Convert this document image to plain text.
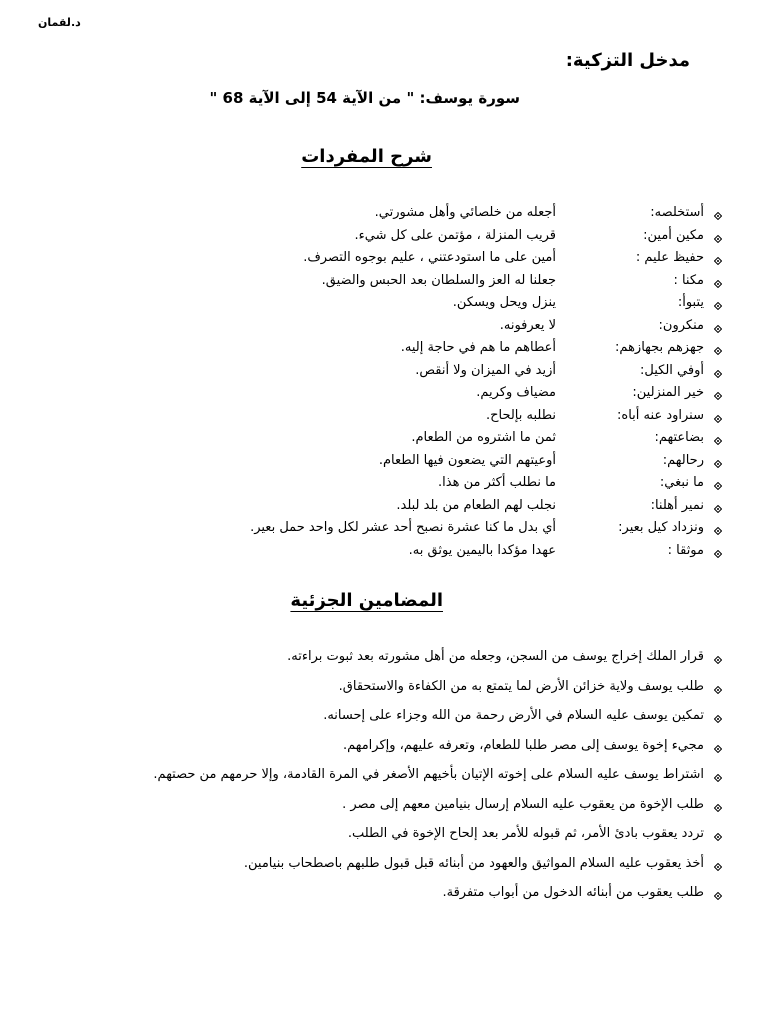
د.لقمان
مدخل التزكية:
سورة يوسف: " من الآية 54 إلى الآية 68 "
شرح المفردات
أستخلصه:
أجعله من خلصائي وأهل مشورتي.
مكين أمين:
قريب المنزلة ، مؤتمن على كل شيء.
حفيظ عليم :
أمين على ما استودعتني ، عليم بوجوه التصرف.
مكنا :
جعلنا له العز والسلطان بعد الحبس والضيق.
يتبوأ:
ينزل ويحل ويسكن.
منكرون:
لا يعرفونه.
جهزهم بجهازهم:
أعطاهم ما هم في حاجة إليه.
أوفي الكيل:
أزيد في الميزان ولا أنقص.
خير المنزلين:
مضياف وكريم.
سنراود عنه أباه:
نطلبه بإلحاح.
بضاعتهم:
ثمن ما اشتروه من الطعام.
رحالهم:
أوعيتهم التي يضعون فيها الطعام.
ما نبغي:
ما نطلب أكثر من هذا.
نمير أهلنا:
نجلب لهم الطعام من بلد لبلد.
ونزداد كيل بعير:
أي بدل ما كنا عشرة نصبح أحد عشر لكل واحد حمل بعير.
موثقا :
عهدا مؤكدا باليمين يوثق به.
المضامين الجزئية
قرار الملك إخراج يوسف من السجن، وجعله من أهل مشورته بعد ثبوت براءته.
طلب يوسف ولاية خزائن الأرض لما يتمتع به من الكفاءة والاستحقاق.
تمكين يوسف عليه السلام في الأرض رحمة من الله وجزاء على إحسانه.
مجيء إخوة يوسف إلى مصر طلبا للطعام، وتعرفه عليهم، وإكرامهم.
اشتراط يوسف عليه السلام على إخوته الإتيان بأخيهم الأصغر في المرة القادمة، وإلا حرمهم من حصتهم.
طلب الإخوة من يعقوب عليه السلام إرسال بنيامين معهم إلى مصر .
تردد يعقوب بادئ الأمر، ثم قبوله للأمر بعد إلحاح الإخوة في الطلب.
أخذ يعقوب عليه السلام المواثيق والعهود من أبنائه قبل قبول طلبهم باصطحاب بنيامين.
طلب يعقوب من أبنائه الدخول من أبواب متفرقة.
